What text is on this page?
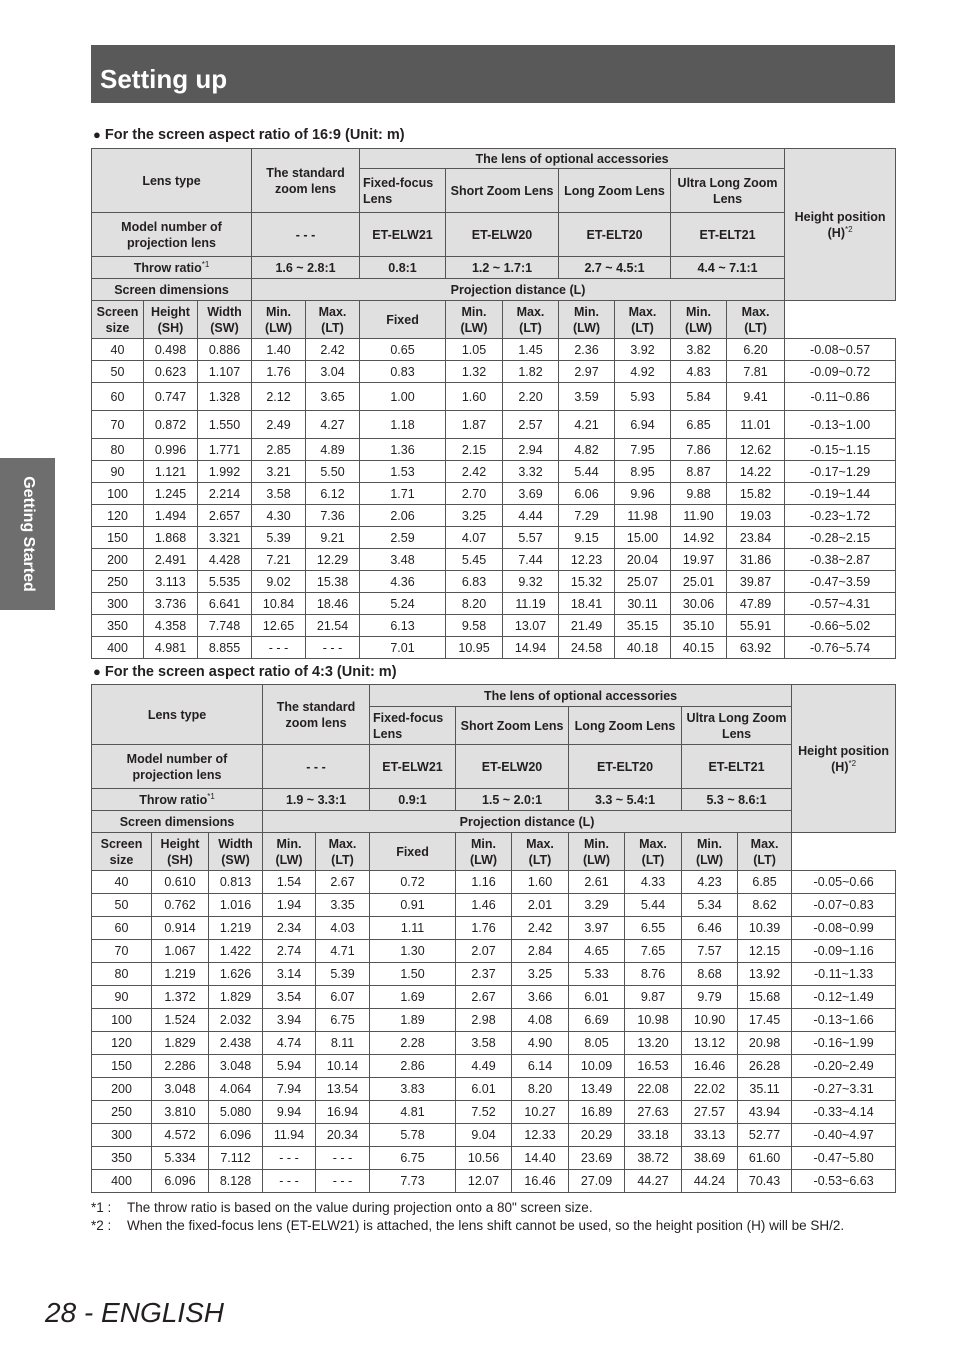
Setting up
Getting Started
● For the screen aspect ratio of 16:9 (Unit: m)
Lens type			The standard zoom lens		The lens of optional accessories							Height position $(H)^{*2}$
					Fixed-focus Lens	Short Zoom Lens		Long Zoom Lens		Ultra Long Zoom Lens		
Model number of projection lens			- - -		ET-ELW21	ET-ELW20		ET-ELT20		ET-ELT21		
Throw ratio$^{*1}$			1.6 ~ 2.8:1		0.8:1	1.2 ~ 1.7:1		2.7 ~ 4.5:1		4.4 ~ 7.1:1		
Screen dimensions			Projection distance (L)									
Screen size	Height (SH)	Width (SW)	Min. (LW)	Max. (LT)	Fixed	Min. (LW)	Max. (LT)	Min. (LW)	Max. (LT)	Min. (LW)	Max. (LT)	
40	0.498	0.886	1.40	2.42	0.65	1.05	1.45	2.36	3.92	3.82	6.20	-0.08~0.57
50	0.623	1.107	1.76	3.04	0.83	1.32	1.82	2.97	4.92	4.83	7.81	-0.09~0.72
60	0.747	1.328	2.12	3.65	1.00	1.60	2.20	3.59	5.93	5.84	9.41	-0.11~0.86
70	0.872	1.550	2.49	4.27	1.18	1.87	2.57	4.21	6.94	6.85	11.01	-0.13~1.00
80	0.996	1.771	2.85	4.89	1.36	2.15	2.94	4.82	7.95	7.86	12.62	-0.15~1.15
90	1.121	1.992	3.21	5.50	1.53	2.42	3.32	5.44	8.95	8.87	14.22	-0.17~1.29
100	1.245	2.214	3.58	6.12	1.71	2.70	3.69	6.06	9.96	9.88	15.82	-0.19~1.44
120	1.494	2.657	4.30	7.36	2.06	3.25	4.44	7.29	11.98	11.90	19.03	-0.23~1.72
150	1.868	3.321	5.39	9.21	2.59	4.07	5.57	9.15	15.00	14.92	23.84	-0.28~2.15
200	2.491	4.428	7.21	12.29	3.48	5.45	7.44	12.23	20.04	19.97	31.86	-0.38~2.87
250	3.113	5.535	9.02	15.38	4.36	6.83	9.32	15.32	25.07	25.01	39.87	-0.47~3.59
300	3.736	6.641	10.84	18.46	5.24	8.20	11.19	18.41	30.11	30.06	47.89	-0.57~4.31
350	4.358	7.748	12.65	21.54	6.13	9.58	13.07	21.49	35.15	35.10	55.91	-0.66~5.02
400	4.981	8.855	- - -	- - -	7.01	10.95	14.94	24.58	40.18	40.15	63.92	-0.76~5.74
● For the screen aspect ratio of 4:3 (Unit: m)
Lens type			The standard zoom lens		The lens of optional accessories							Height position $(H)^{*2}$
					Fixed-focus Lens	Short Zoom Lens		Long Zoom Lens		Ultra Long Zoom Lens		
Model number of projection lens			- - -		ET-ELW21	ET-ELW20		ET-ELT20		ET-ELT21		
Throw ratio$^{*1}$			1.9 ~ 3.3:1		0.9:1	1.5 ~ 2.0:1		3.3 ~ 5.4:1		5.3 ~ 8.6:1		
Screen dimensions			Projection distance (L)									
Screen size	Height (SH)	Width (SW)	Min. (LW)	Max. (LT)	Fixed	Min. (LW)	Max. (LT)	Min. (LW)	Max. (LT)	Min. (LW)	Max. (LT)	
40	0.610	0.813	1.54	2.67	0.72	1.16	1.60	2.61	4.33	4.23	6.85	-0.05~0.66
50	0.762	1.016	1.94	3.35	0.91	1.46	2.01	3.29	5.44	5.34	8.62	-0.07~0.83
60	0.914	1.219	2.34	4.03	1.11	1.76	2.42	3.97	6.55	6.46	10.39	-0.08~0.99
70	1.067	1.422	2.74	4.71	1.30	2.07	2.84	4.65	7.65	7.57	12.15	-0.09~1.16
80	1.219	1.626	3.14	5.39	1.50	2.37	3.25	5.33	8.76	8.68	13.92	-0.11~1.33
90	1.372	1.829	3.54	6.07	1.69	2.67	3.66	6.01	9.87	9.79	15.68	-0.12~1.49
100	1.524	2.032	3.94	6.75	1.89	2.98	4.08	6.69	10.98	10.90	17.45	-0.13~1.66
120	1.829	2.438	4.74	8.11	2.28	3.58	4.90	8.05	13.20	13.12	20.98	-0.16~1.99
150	2.286	3.048	5.94	10.14	2.86	4.49	6.14	10.09	16.53	16.46	26.28	-0.20~2.49
200	3.048	4.064	7.94	13.54	3.83	6.01	8.20	13.49	22.08	22.02	35.11	-0.27~3.31
250	3.810	5.080	9.94	16.94	4.81	7.52	10.27	16.89	27.63	27.57	43.94	-0.33~4.14
300	4.572	6.096	11.94	20.34	5.78	9.04	12.33	20.29	33.18	33.13	52.77	-0.40~4.97
350	5.334	7.112	- - -	- - -	6.75	10.56	14.40	23.69	38.72	38.69	61.60	-0.47~5.80
400	6.096	8.128	- - -	- - -	7.73	12.07	16.46	27.09	44.27	44.24	70.43	-0.53~6.63
*1 :	The throw ratio is based on the value during projection onto a 80" screen size.
*2 :	When the fixed-focus lens (ET-ELW21) is attached, the lens shift cannot be used, so the height position (H) will be SH/2.
28 - ENGLISH
